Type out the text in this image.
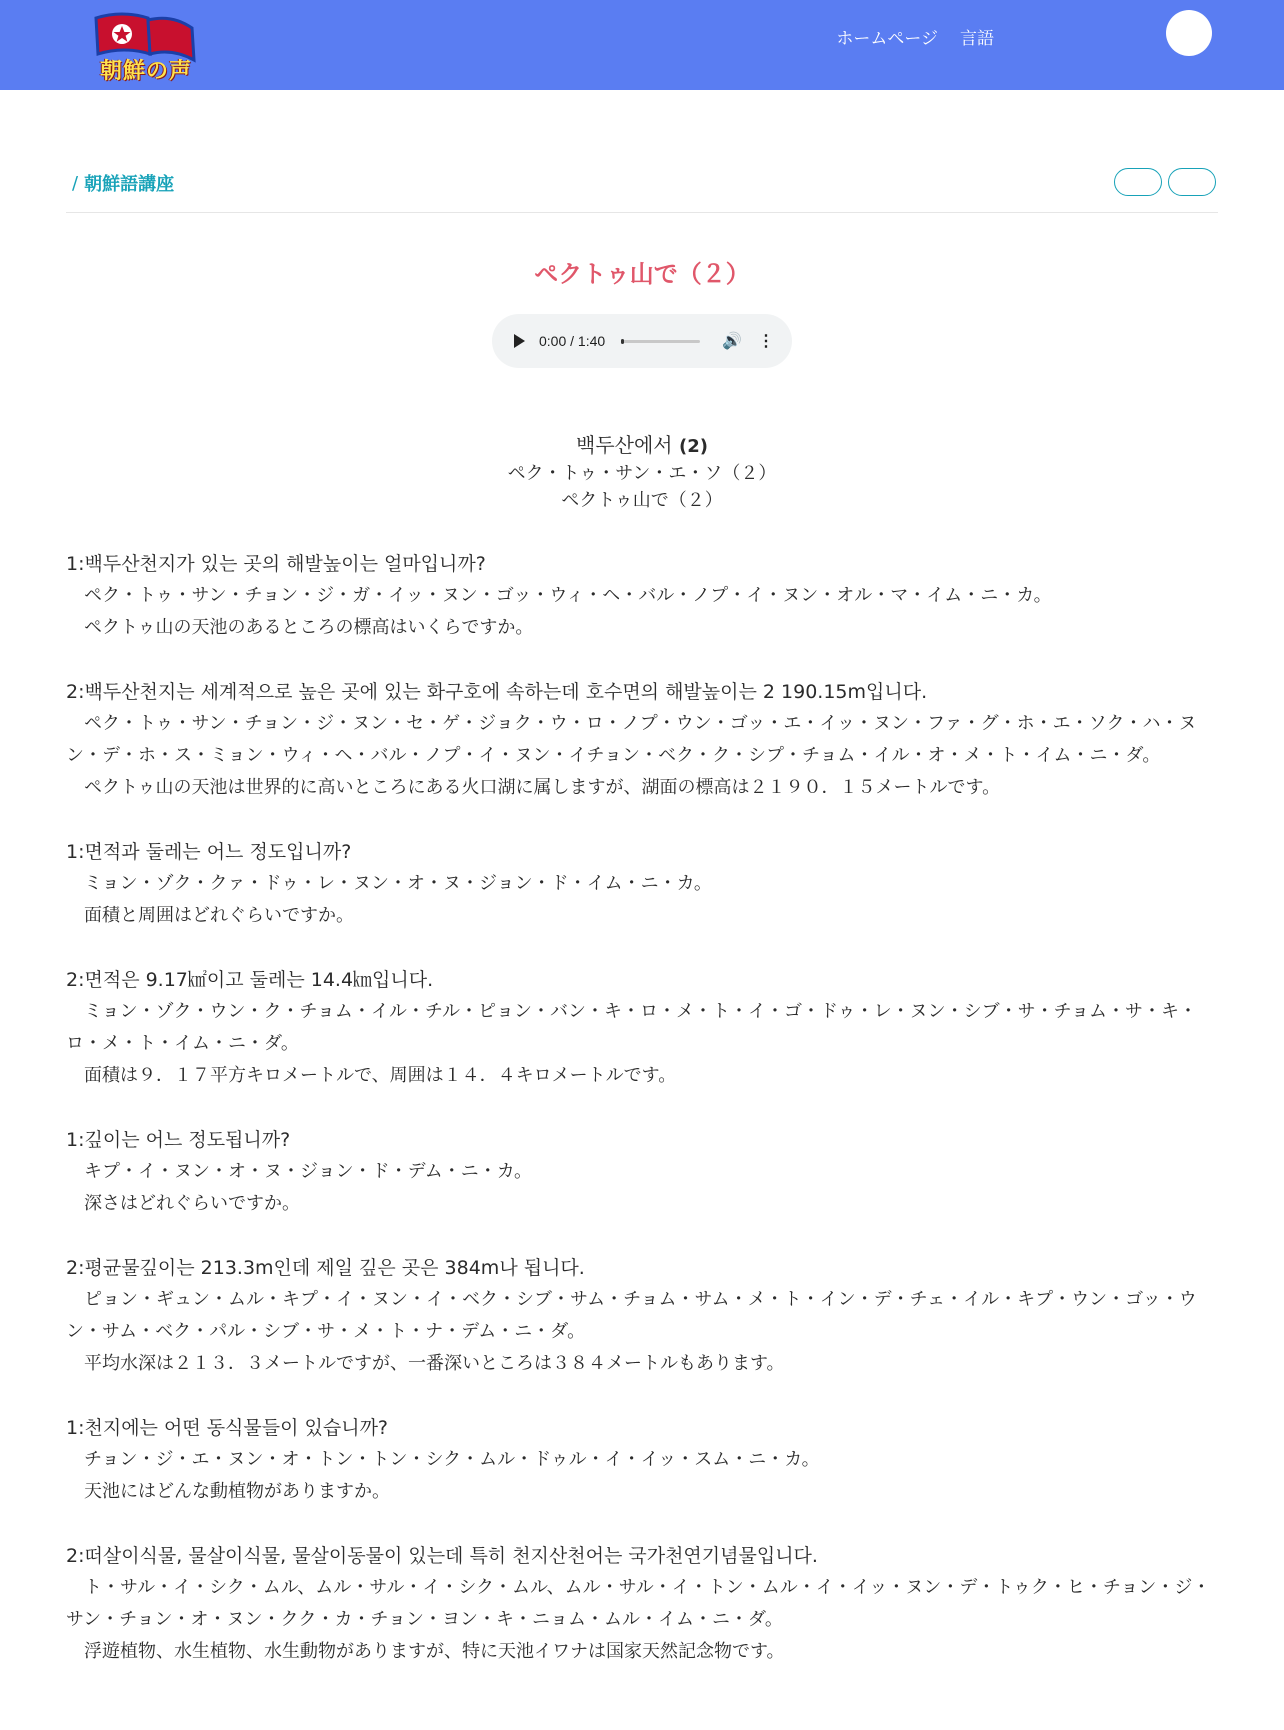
朝鮮の声
ホームページ 言語
/ 朝鮮語講座
ペクトゥ山で（２）
0:00 / 1:40	🔊 ⋮
백두산에서 (2)
ペク・トゥ・サン・エ・ソ（２）
ペクトゥ山で（２）
1:백두산천지가 있는 곳의 해발높이는 얼마입니까?
ペク・トゥ・サン・チョン・ジ・ガ・イッ・ヌン・ゴッ・ウィ・ヘ・バル・ノプ・イ・ヌン・オル・マ・イム・ニ・カ。
ペクトゥ山の天池のあるところの標高はいくらですか。
2:백두산천지는 세계적으로 높은 곳에 있는 화구호에 속하는데 호수면의 해발높이는 2 190.15m입니다.
ペク・トゥ・サン・チョン・ジ・ヌン・セ・ゲ・ジョク・ウ・ロ・ノプ・ウン・ゴッ・エ・イッ・ヌン・ファ・グ・ホ・エ・ソク・ハ・ヌン・デ・ホ・ス・ミョン・ウィ・ヘ・バル・ノプ・イ・ヌン・イチョン・ベク・ク・シプ・チョム・イル・オ・メ・ト・イム・ニ・ダ。
ペクトゥ山の天池は世界的に高いところにある火口湖に属しますが、湖面の標高は２１９０．１５メートルです。
1:면적과 둘레는 어느 정도입니까?
ミョン・ゾク・クァ・ドゥ・レ・ヌン・オ・ヌ・ジョン・ド・イム・ニ・カ。
面積と周囲はどれぐらいですか。
2:면적은 9.17㎢이고 둘레는 14.4㎞입니다.
ミョン・ゾク・ウン・ク・チョム・イル・チル・ピョン・バン・キ・ロ・メ・ト・イ・ゴ・ドゥ・レ・ヌン・シブ・サ・チョム・サ・キ・ロ・メ・ト・イム・ニ・ダ。
面積は９．１７平方キロメートルで、周囲は１４．４キロメートルです。
1:깊이는 어느 정도됩니까?
キプ・イ・ヌン・オ・ヌ・ジョン・ド・デム・ニ・カ。
深さはどれぐらいですか。
2:평균물깊이는 213.3m인데 제일 깊은 곳은 384m나 됩니다.
ピョン・ギュン・ムル・キプ・イ・ヌン・イ・ベク・シブ・サム・チョム・サム・メ・ト・イン・デ・チェ・イル・キプ・ウン・ゴッ・ウン・サム・ベク・パル・シブ・サ・メ・ト・ナ・デム・ニ・ダ。
平均水深は２１３．３メートルですが、一番深いところは３８４メートルもあります。
1:천지에는 어떤 동식물들이 있습니까?
チョン・ジ・エ・ヌン・オ・トン・トン・シク・ムル・ドゥル・イ・イッ・スム・ニ・カ。
天池にはどんな動植物がありますか。
2:떠살이식물, 물살이식물, 물살이동물이 있는데 특히 천지산천어는 국가천연기념물입니다.
ト・サル・イ・シク・ムル、ムル・サル・イ・シク・ムル、ムル・サル・イ・トン・ムル・イ・イッ・ヌン・デ・トゥク・ヒ・チョン・ジ・サン・チョン・オ・ヌン・クク・カ・チョン・ヨン・キ・ニョム・ムル・イム・ニ・ダ。
浮遊植物、水生植物、水生動物がありますが、特に天池イワナは国家天然記念物です。
